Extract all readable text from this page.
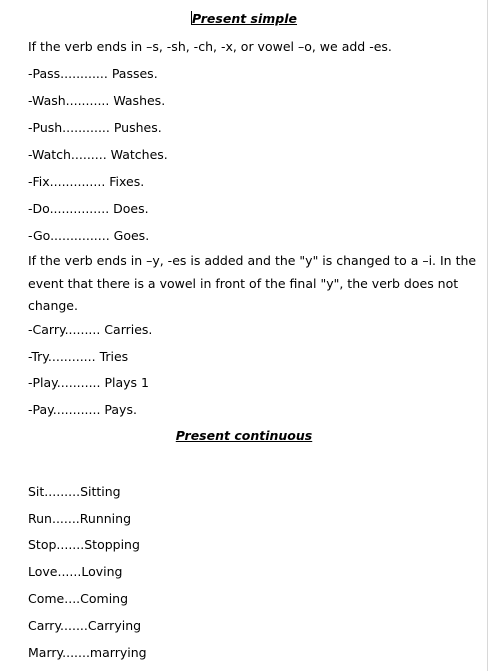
Present simple
If the verb ends in –s, -sh, -ch, -x, or vowel –o, we add -es.
-Pass............ Passes.
-Wash........... Washes.
-Push............ Pushes.
-Watch......... Watches.
-Fix.............. Fixes.
-Do............... Does.
-Go............... Goes.
If the verb ends in –y, -es is added and the "y" is changed to a –i. In the event that there is a vowel in front of the final "y", the verb does not change.
-Carry......... Carries.
-Try............ Tries
-Play........... Plays 1
-Pay............ Pays.
Present continuous
Sit.........Sitting
Run.......Running
Stop.......Stopping
Love......Loving
Come....Coming
Carry.......Carrying
Marry.......marrying
